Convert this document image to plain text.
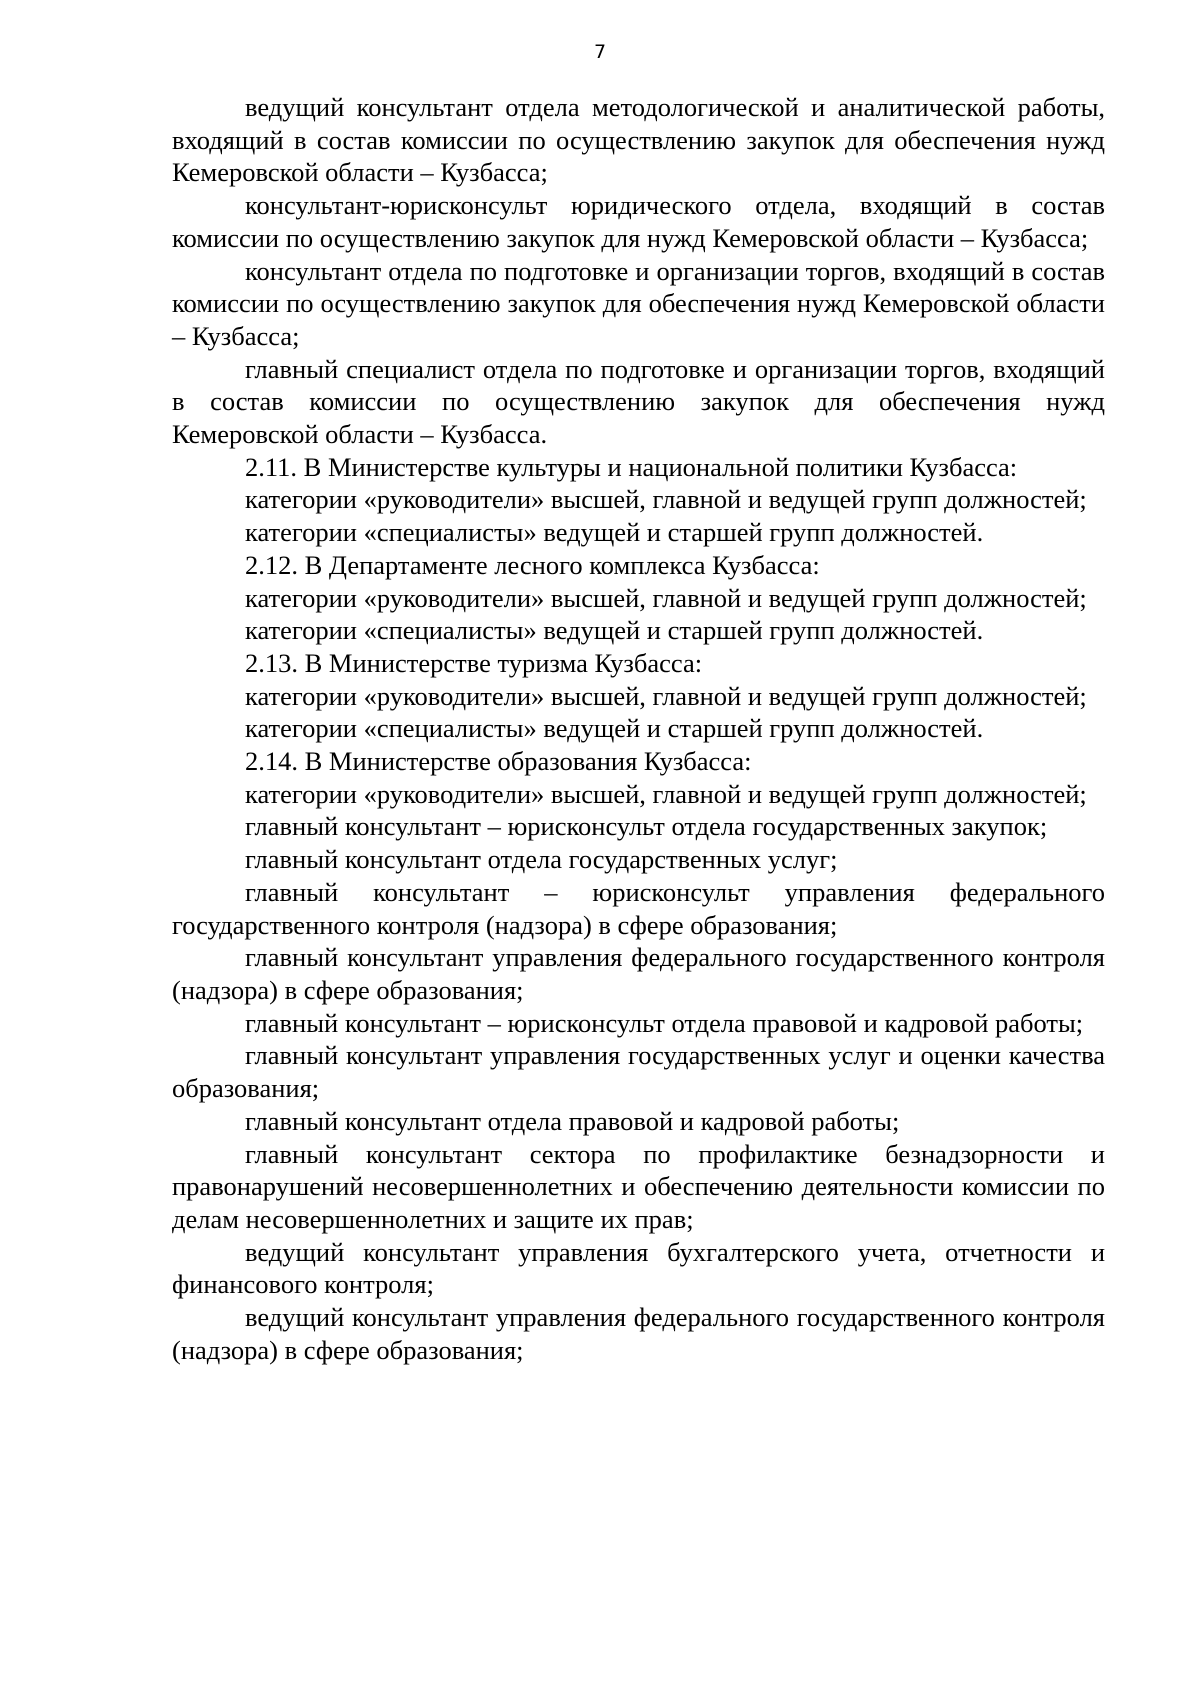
7

ведущий консультант отдела методологической и аналитической работы, входящий в состав комиссии по осуществлению закупок для обеспечения нужд Кемеровской области – Кузбасса;

консультант-юрисконсульт юридического отдела, входящий в состав комиссии по осуществлению закупок для нужд Кемеровской области – Кузбасса;

консультант отдела по подготовке и организации торгов, входящий в состав комиссии по осуществлению закупок для обеспечения нужд Кемеровской области – Кузбасса;

главный специалист отдела по подготовке и организации торгов, входящий в состав комиссии по осуществлению закупок для обеспечения нужд Кемеровской области – Кузбасса.

2.11. В Министерстве культуры и национальной политики Кузбасса:

категории «руководители» высшей, главной и ведущей групп должностей;

категории «специалисты» ведущей и старшей групп должностей.

2.12. В Департаменте лесного комплекса Кузбасса:

категории «руководители» высшей, главной и ведущей групп должностей;

категории «специалисты» ведущей и старшей групп должностей.

2.13. В Министерстве туризма Кузбасса:

категории «руководители» высшей, главной и ведущей групп должностей;

категории «специалисты» ведущей и старшей групп должностей.

2.14. В Министерстве образования Кузбасса:

категории «руководители» высшей, главной и ведущей групп должностей;

главный консультант – юрисконсульт отдела государственных закупок;

главный консультант отдела государственных услуг;

главный консультант – юрисконсульт управления федерального государственного контроля (надзора) в сфере образования;

главный консультант управления федерального государственного контроля (надзора) в сфере образования;

главный консультант – юрисконсульт отдела правовой и кадровой работы;

главный консультант управления государственных услуг и оценки качества образования;

главный консультант отдела правовой и кадровой работы;

главный консультант сектора по профилактике безнадзорности и правонарушений несовершеннолетних и обеспечению деятельности комиссии по делам несовершеннолетних и защите их прав;

ведущий консультант управления бухгалтерского учета, отчетности и финансового контроля;

ведущий консультант управления федерального государственного контроля (надзора) в сфере образования;
